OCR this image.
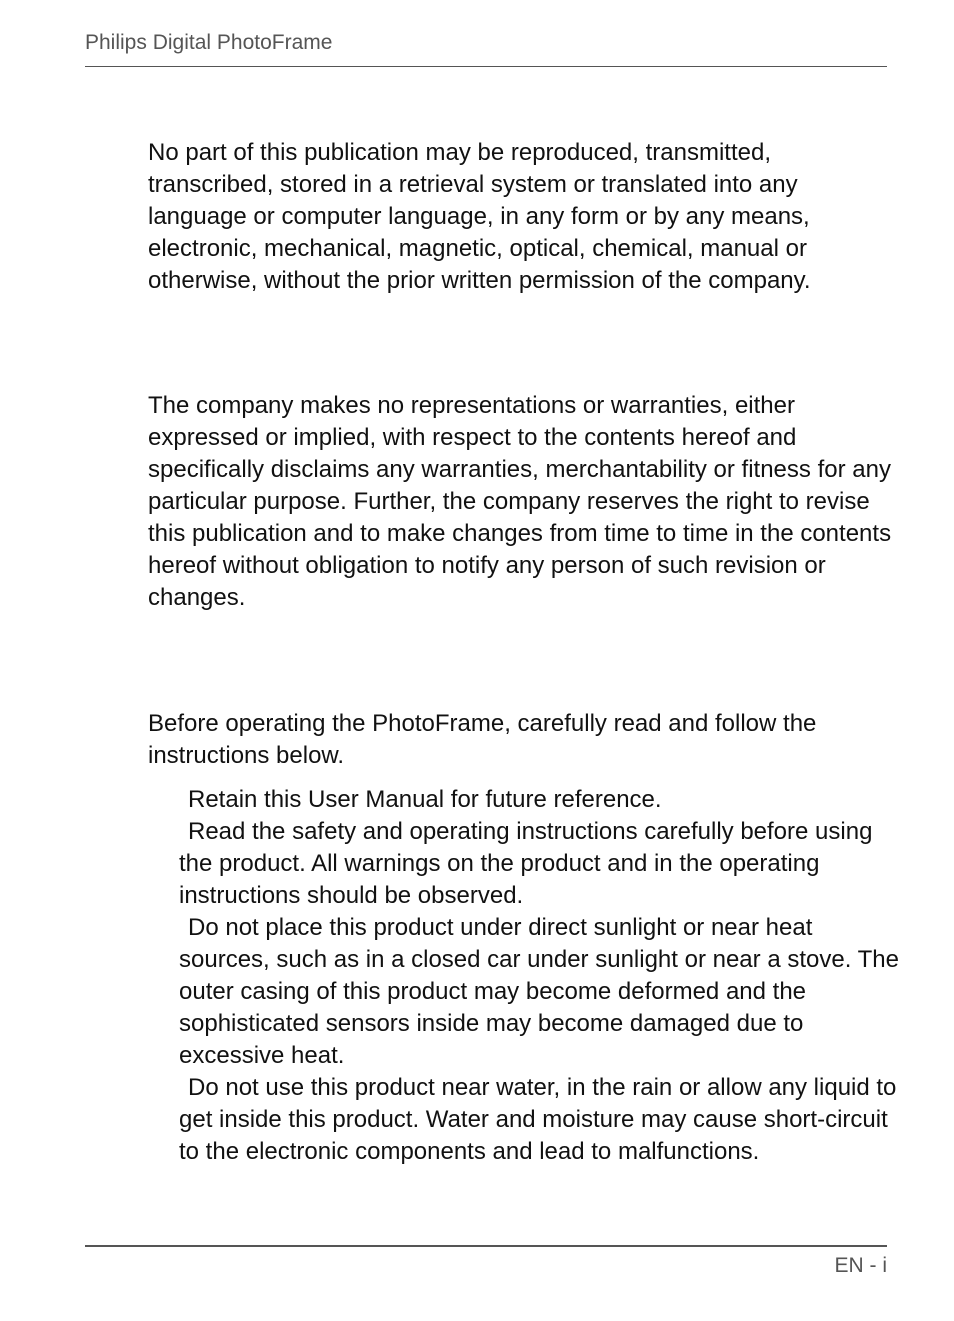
Philips Digital PhotoFrame

No part of this publication may be reproduced, transmitted, transcribed, stored in a retrieval system or translated into any language or computer language, in any form or by any means, electronic, mechanical, magnetic, optical, chemical, manual or otherwise, without the prior written permission of the company.

The company makes no representations or warranties, either expressed or implied, with respect to the contents hereof and specifically disclaims any warranties, merchantability or fitness for any particular purpose. Further, the company reserves the right to revise this publication and to make changes from time to time in the contents hereof without obligation to notify any person of such revision or changes.

Before operating the PhotoFrame, carefully read and follow the instructions below.

Retain this User Manual for future reference.
Read the safety and operating instructions carefully before using the product. All warnings on the product and in the operating instructions should be observed.
Do not place this product under direct sunlight or near heat sources, such as in a closed car under sunlight or near a stove. The outer casing of this product may become deformed and the sophisticated sensors inside may become damaged due to excessive heat.
Do not use this product near water, in the rain or allow any liquid to get inside this product. Water and moisture may cause short-circuit to the electronic components and lead to malfunctions.
EN - i
